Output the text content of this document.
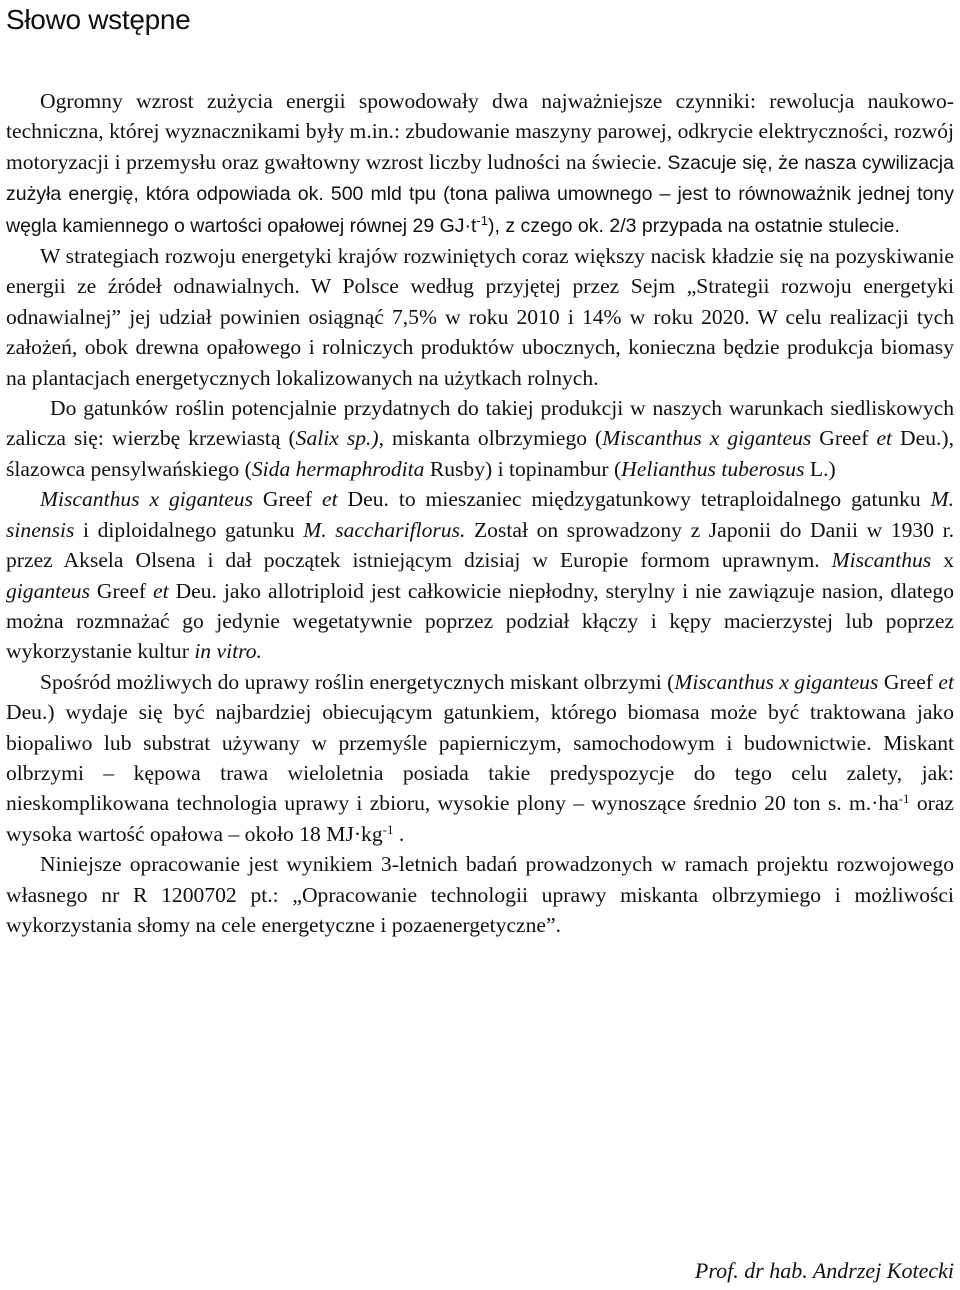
Słowo wstępne

Ogromny wzrost zużycia energii spowodowały dwa najważniejsze czynniki: rewolucja naukowo-techniczna, której wyznacznikami były m.in.: zbudowanie maszyny parowej, odkrycie elektryczności, rozwój motoryzacji i przemysłu oraz gwałtowny wzrost liczby ludności na świecie. Szacuje się, że nasza cywilizacja zużyła energię, która odpowiada ok. 500 mld tpu (tona paliwa umownego – jest to równoważnik jednej tony węgla kamiennego o wartości opałowej równej 29 $GJ\cdot t^{-1}$), z czego ok. 2/3 przypada na ostatnie stulecie.

W strategiach rozwoju energetyki krajów rozwiniętych coraz większy nacisk kładzie się na pozyskiwanie energii ze źródeł odnawialnych. W Polsce według przyjętej przez Sejm „Strategii rozwoju energetyki odnawialnej” jej udział powinien osiągnąć 7,5% w roku 2010 i 14% w roku 2020. W celu realizacji tych założeń, obok drewna opałowego i rolniczych produktów ubocznych, konieczna będzie produkcja biomasy na plantacjach energetycznych lokalizowanych na użytkach rolnych.

Do gatunków roślin potencjalnie przydatnych do takiej produkcji w naszych warunkach siedliskowych zalicza się: wierzbę krzewiastą (Salix sp.), miskanta olbrzymiego (Miscanthus x giganteus Greef et Deu.), ślazowca pensylwańskiego (Sida hermaphrodita Rusby) i topinambur (Helianthus tuberosus L.)

Miscanthus x giganteus Greef et Deu. to mieszaniec międzygatunkowy tetraploidalnego gatunku M. sinensis i diploidalnego gatunku M. sacchariflorus. Został on sprowadzony z Japonii do Danii w 1930 r. przez Aksela Olsena i dał początek istniejącym dzisiaj w Europie formom uprawnym. Miscanthus x giganteus Greef et Deu. jako allotriploid jest całkowicie niepłodny, sterylny i nie zawiązuje nasion, dlatego można rozmnażać go jedynie wegetatywnie poprzez podział kłączy i kępy macierzystej lub poprzez wykorzystanie kultur in vitro.

Spośród możliwych do uprawy roślin energetycznych miskant olbrzymi (Miscanthus x giganteus Greef et Deu.) wydaje się być najbardziej obiecującym gatunkiem, którego biomasa może być traktowana jako biopaliwo lub substrat używany w przemyśle papierniczym, samochodowym i budownictwie. Miskant olbrzymi – kępowa trawa wieloletnia posiada takie predyspozycje do tego celu zalety, jak: nieskomplikowana technologia uprawy i zbioru, wysokie plony – wynoszące średnio 20 ton s. $m.\cdot ha^{-1}$ oraz wysoka wartość opałowa – około 18 $MJ\cdot kg^{-1}$ .

Niniejsze opracowanie jest wynikiem 3-letnich badań prowadzonych w ramach projektu rozwojowego własnego nr R 1200702 pt.: „Opracowanie technologii uprawy miskanta olbrzymiego i możliwości wykorzystania słomy na cele energetyczne i pozaenergetyczne”.

Prof. dr hab. Andrzej Kotecki
